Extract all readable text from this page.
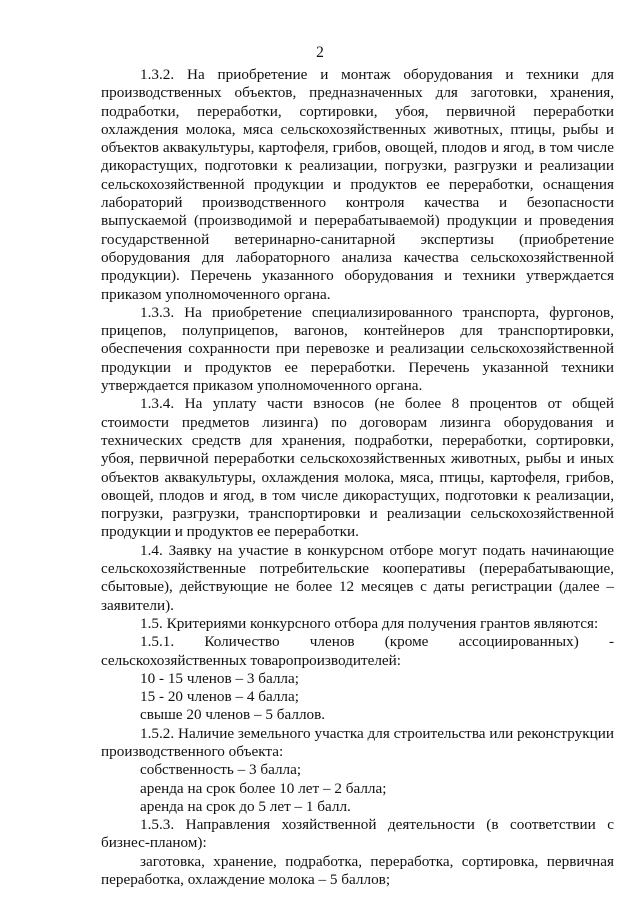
2

1.3.2. На приобретение и монтаж оборудования и техники для производственных объектов, предназначенных для заготовки, хранения, подработки, переработки, сортировки, убоя, первичной переработки охлаждения молока, мяса сельскохозяйственных животных, птицы, рыбы и объектов аквакультуры, картофеля, грибов, овощей, плодов и ягод, в том числе дикорастущих, подготовки к реализации, погрузки, разгрузки и реализации сельскохозяйственной продукции и продуктов ее переработки, оснащения лабораторий производственного контроля качества и безопасности выпускаемой (производимой и перерабатываемой) продукции и проведения государственной ветеринарно-санитарной экспертизы (приобретение оборудования для лабораторного анализа качества сельскохозяйственной продукции). Перечень указанного оборудования и техники утверждается приказом уполномоченного органа.

1.3.3. На приобретение специализированного транспорта, фургонов, прицепов, полуприцепов, вагонов, контейнеров для транспортировки, обеспечения сохранности при перевозке и реализации сельскохозяйственной продукции и продуктов ее переработки. Перечень указанной техники утверждается приказом уполномоченного органа.

1.3.4. На уплату части взносов (не более 8 процентов от общей стоимости предметов лизинга) по договорам лизинга оборудования и технических средств для хранения, подработки, переработки, сортировки, убоя, первичной переработки сельскохозяйственных животных, рыбы и иных объектов аквакультуры, охлаждения молока, мяса, птицы, картофеля, грибов, овощей, плодов и ягод, в том числе дикорастущих, подготовки к реализации, погрузки, разгрузки, транспортировки и реализации сельскохозяйственной продукции и продуктов ее переработки.

1.4. Заявку на участие в конкурсном отборе могут подать начинающие сельскохозяйственные потребительские кооперативы (перерабатывающие, сбытовые), действующие не более 12 месяцев с даты регистрации (далее – заявители).

1.5. Критериями конкурсного отбора для получения грантов являются:

1.5.1. Количество членов (кроме ассоциированных) - сельскохозяйственных товаропроизводителей:

10 - 15 членов – 3 балла;

15 - 20 членов – 4 балла;

свыше 20 членов – 5 баллов.

1.5.2. Наличие земельного участка для строительства или реконструкции производственного объекта:

собственность – 3 балла;

аренда на срок более 10 лет – 2 балла;

аренда на срок до 5 лет – 1 балл.

1.5.3. Направления хозяйственной деятельности (в соответствии с бизнес-планом):

заготовка, хранение, подработка, переработка, сортировка, первичная переработка, охлаждение молока – 5 баллов;
